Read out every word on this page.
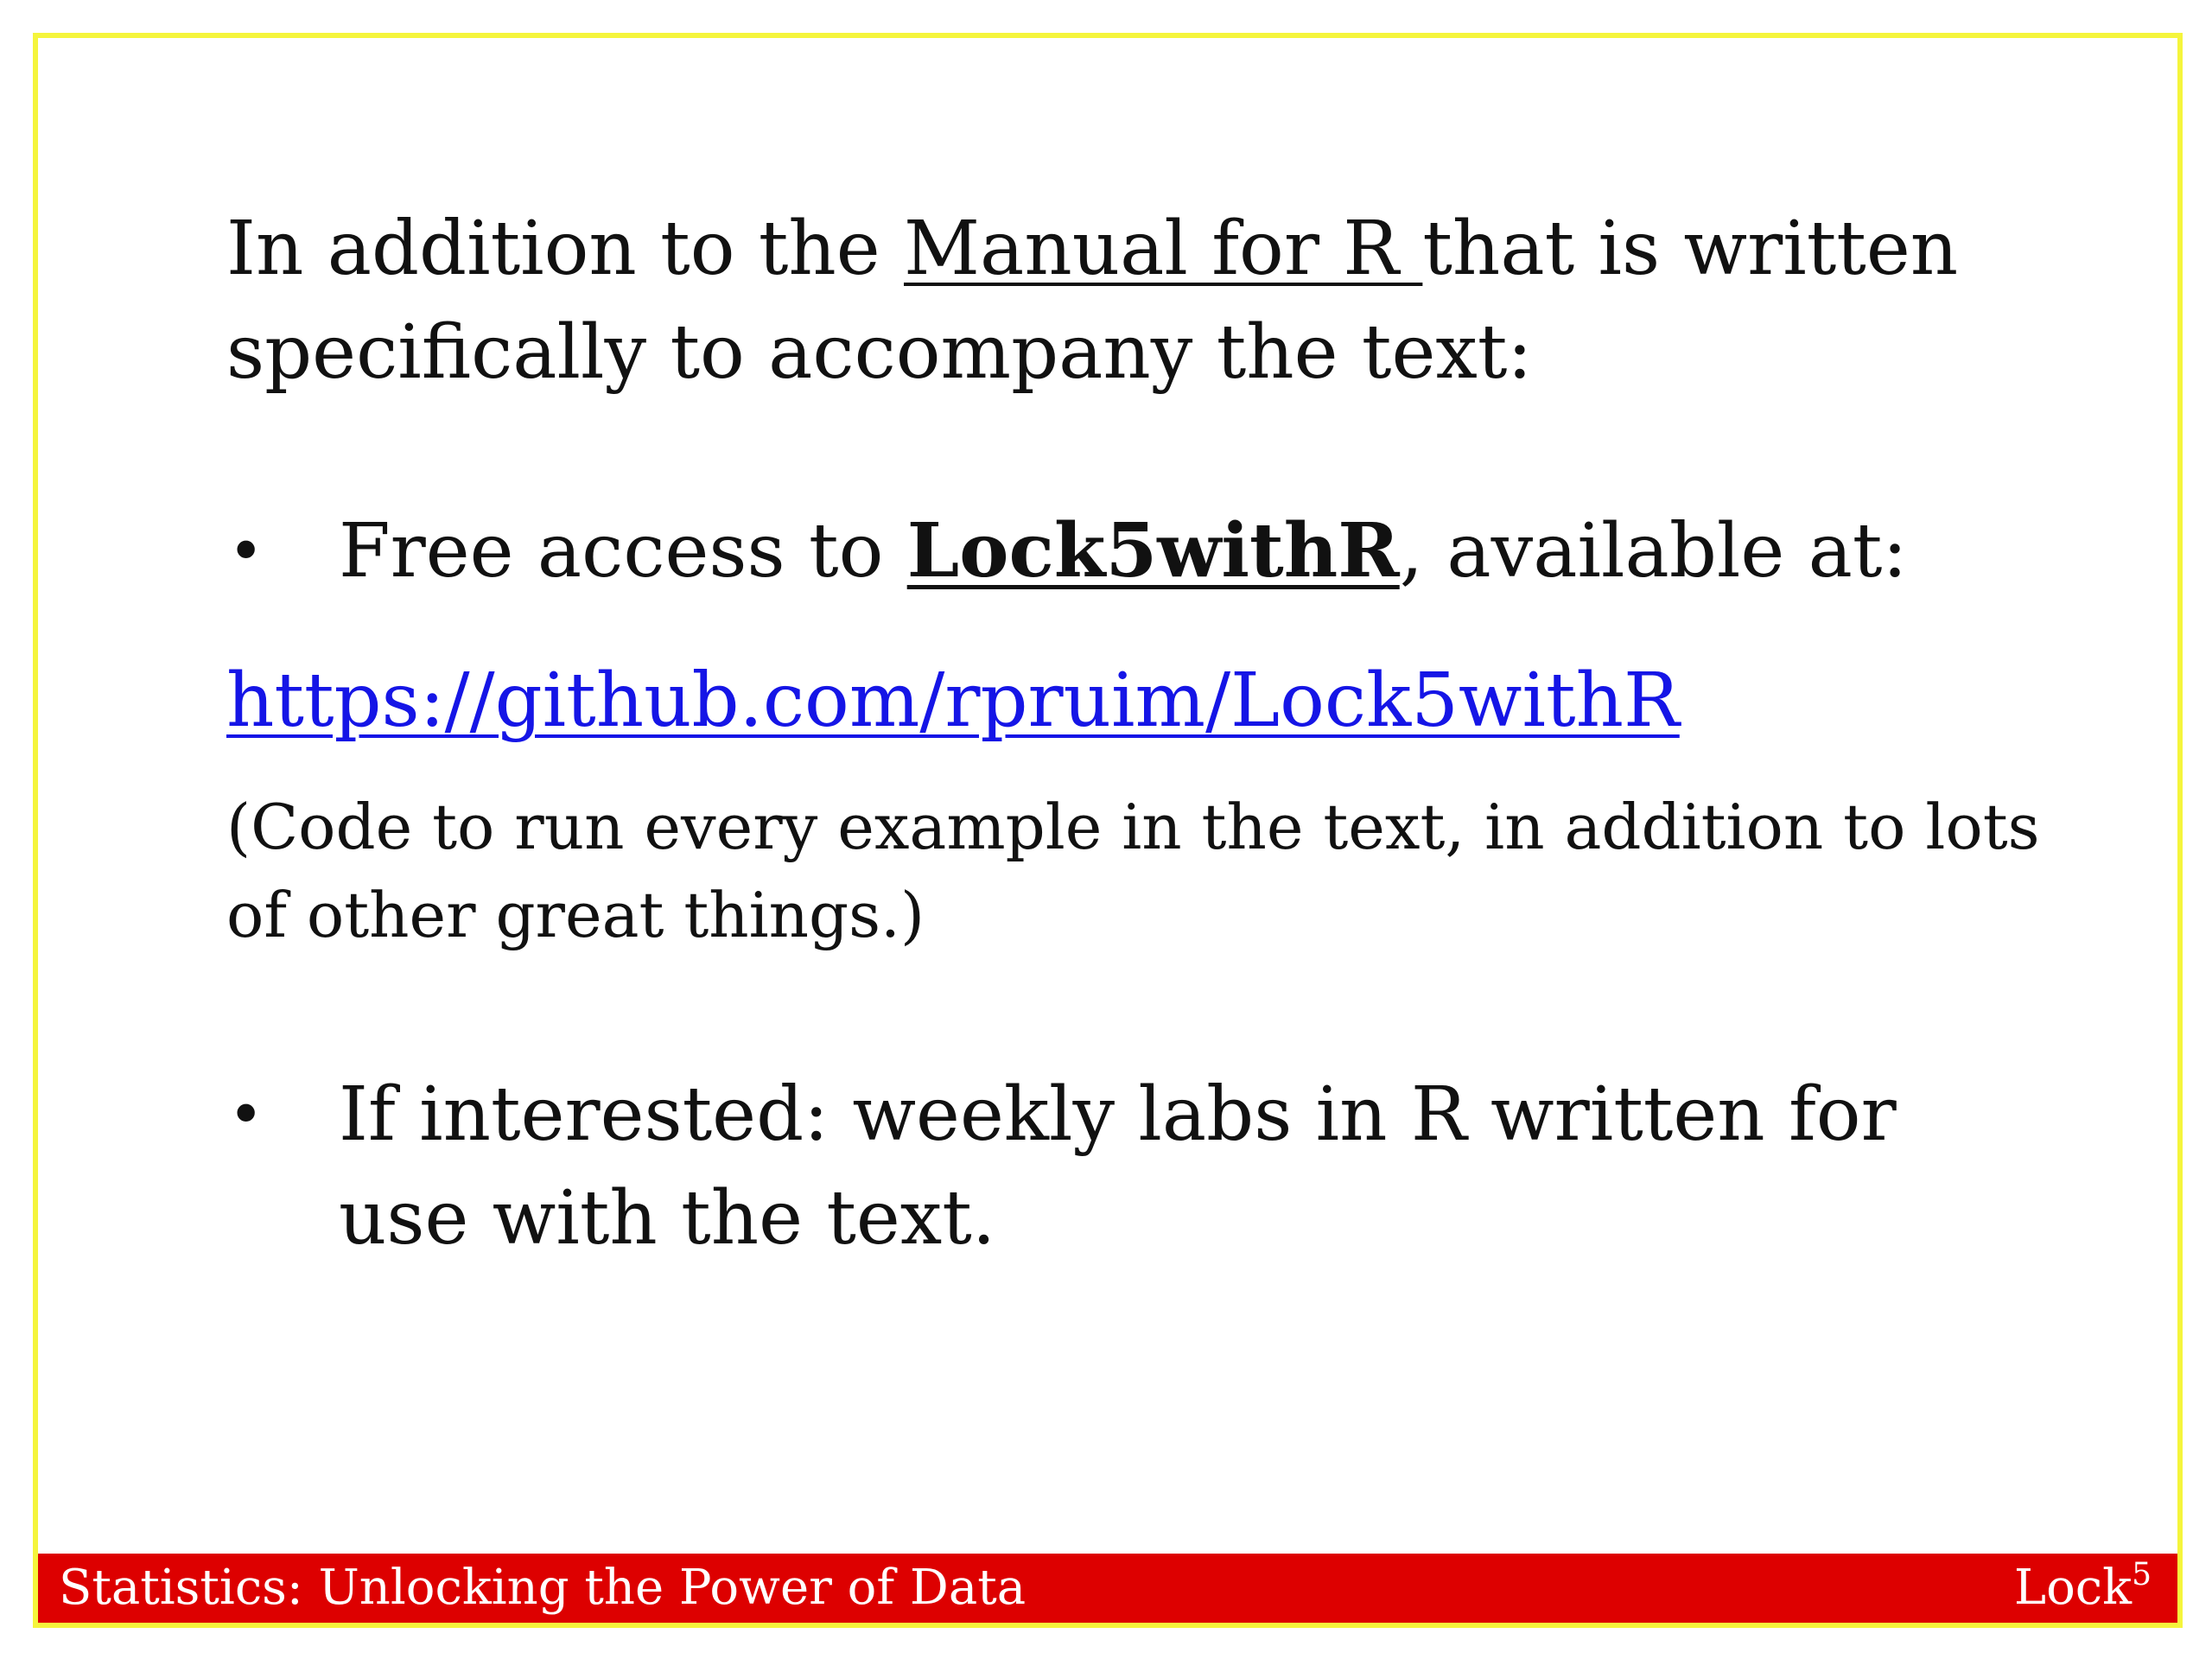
In addition to the Manual for R that is written specifically to accompany the text:

• Free access to Lock5withR, available at:
https://github.com/rpruim/Lock5withR
(Code to run every example in the text, in addition to lots of other great things.)
• If interested: weekly labs in R written for use with the text.
Statistics: Unlocking the Power of Data	Lock$^5$
